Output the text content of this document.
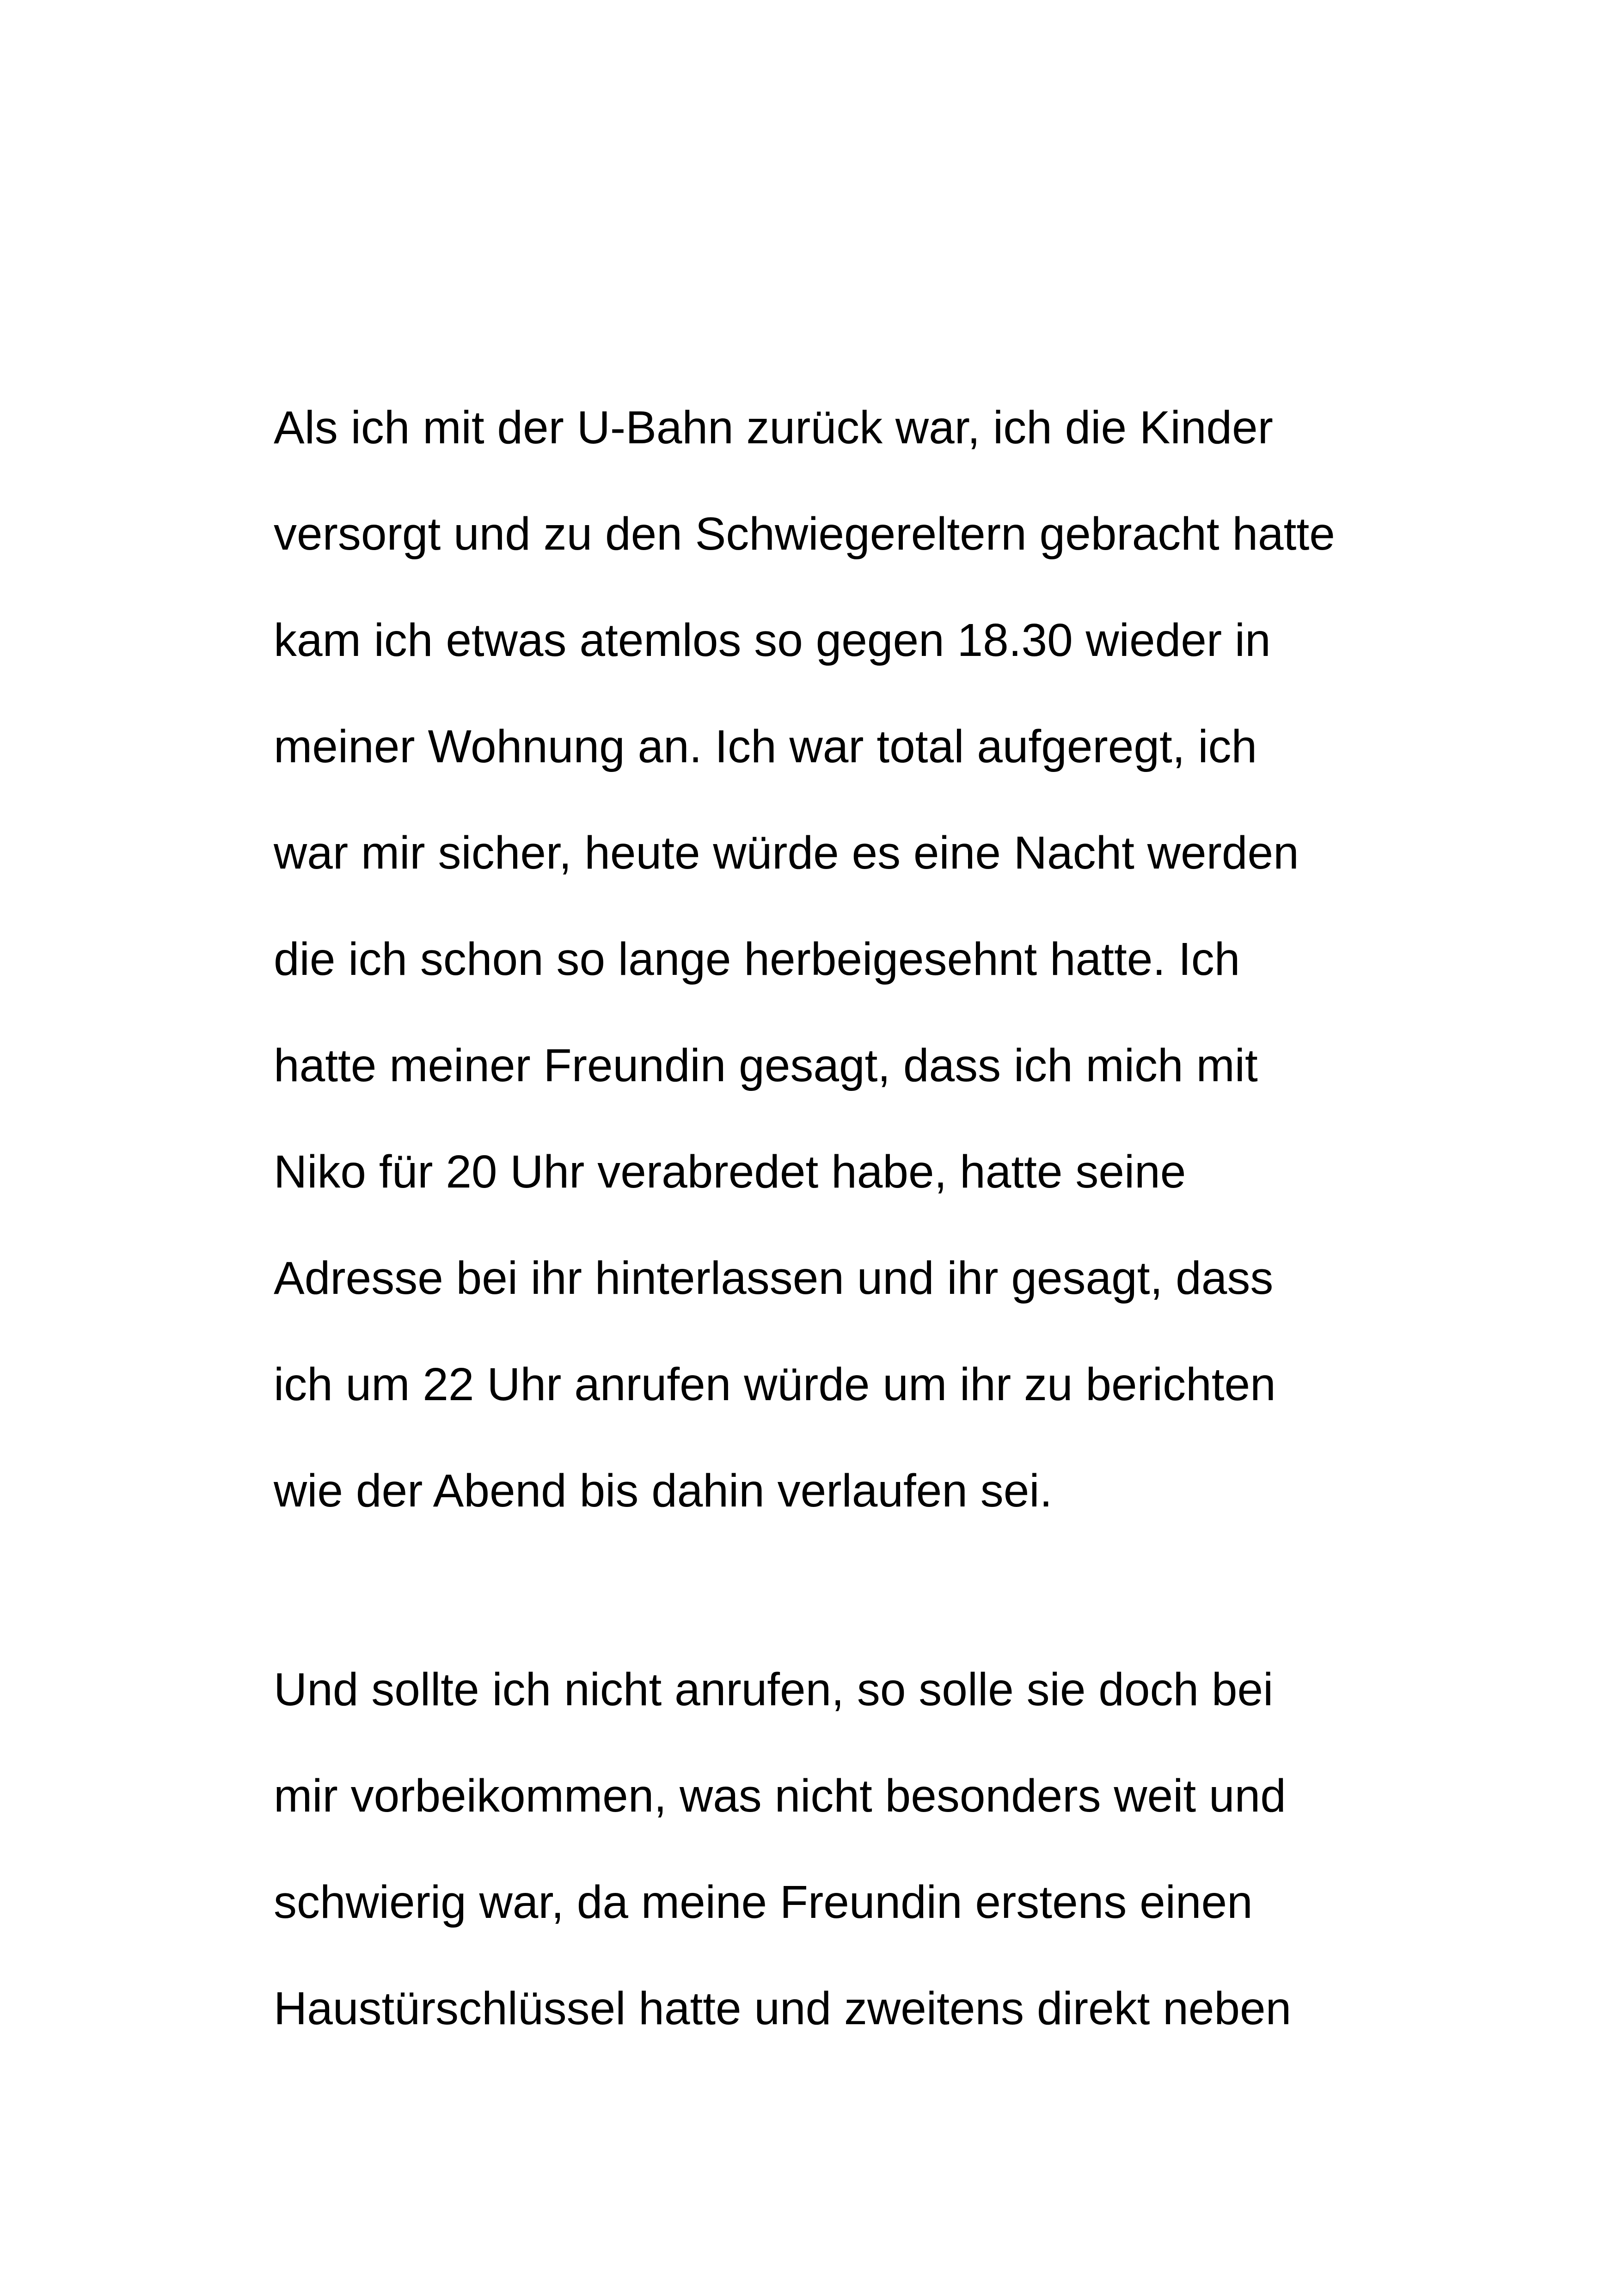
Als ich mit der U-Bahn zurück war, ich die Kinder
versorgt und zu den Schwiegereltern gebracht hatte
kam ich etwas atemlos so gegen 18.30 wieder in
meiner Wohnung an. Ich war total aufgeregt, ich
war mir sicher, heute würde es eine Nacht werden
die ich schon so lange herbeigesehnt hatte. Ich
hatte meiner Freundin gesagt, dass ich mich mit
Niko für 20 Uhr verabredet habe, hatte seine
Adresse bei ihr hinterlassen und ihr gesagt, dass
ich um 22 Uhr anrufen würde um ihr zu berichten
wie der Abend bis dahin verlaufen sei.
Und sollte ich nicht anrufen, so solle sie doch bei
mir vorbeikommen, was nicht besonders weit und
schwierig war, da meine Freundin erstens einen
Haustürschlüssel hatte und zweitens direkt neben
